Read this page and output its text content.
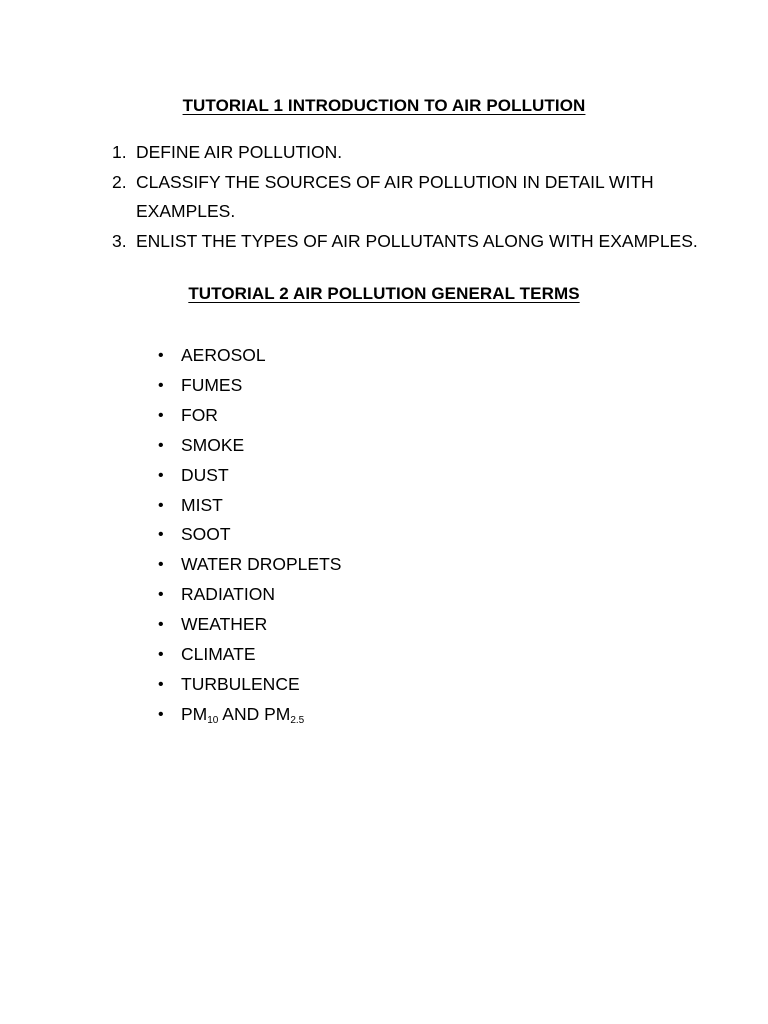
TUTORIAL 1 INTRODUCTION TO AIR POLLUTION
1. DEFINE AIR POLLUTION.
2. CLASSIFY THE SOURCES OF AIR POLLUTION IN DETAIL WITH EXAMPLES.
3. ENLIST THE TYPES OF AIR POLLUTANTS ALONG WITH EXAMPLES.
TUTORIAL 2 AIR POLLUTION GENERAL TERMS
• AEROSOL
• FUMES
• FOR
• SMOKE
• DUST
• MIST
• SOOT
• WATER DROPLETS
• RADIATION
• WEATHER
• CLIMATE
• TURBULENCE
• $PM_{10}$ AND $PM_{2.5}$
